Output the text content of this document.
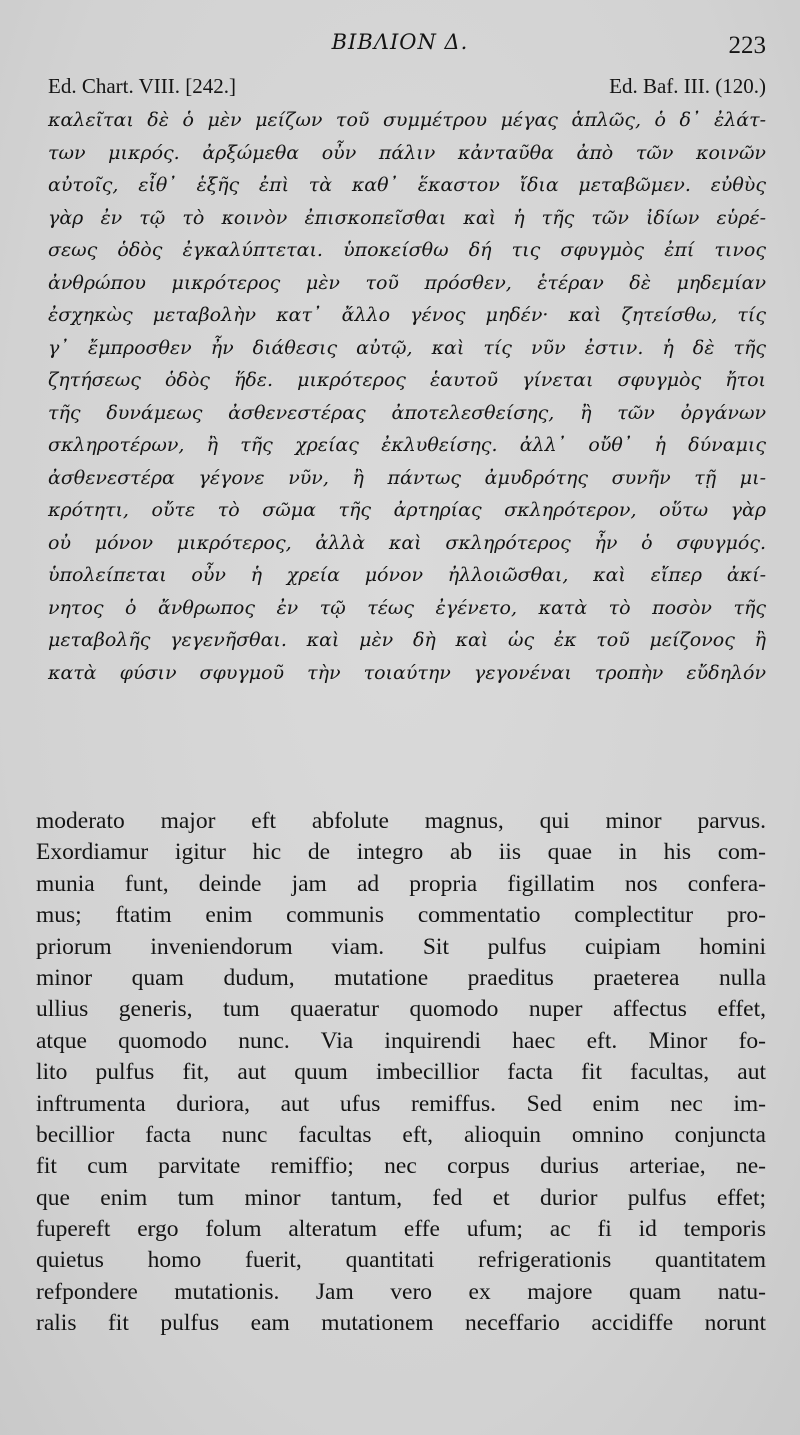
ΒΙΒΛΙΟΝ Δ.	223
Ed. Chart. VIII. [242.]	Ed. Baf. III. (120.)
καλεῖται δὲ ὁ μὲν μείζων τοῦ συμμέτρου μέγας ἁπλῶς, ὁ δ᾽ ἐλάτ-
των μικρός. ἀρξώμεθα οὖν πάλιν κἀνταῦθα ἀπὸ τῶν κοινῶν
αὐτοῖς, εἶθ᾽ ἑξῆς ἐπὶ τὰ καθ᾽ ἕκαστον ἴδια μεταβῶμεν. εὐθὺς
γὰρ ἐν τῷ τὸ κοινὸν ἐπισκοπεῖσθαι καὶ ἡ τῆς τῶν ἰδίων εὑρέ-
σεως ὁδὸς ἐγκαλύπτεται. ὑποκείσθω δή τις σφυγμὸς ἐπί τινος
ἀνθρώπου μικρότερος μὲν τοῦ πρόσθεν, ἑτέραν δὲ μηδεμίαν
ἐσχηκὼς μεταβολὴν κατ᾽ ἄλλο γένος μηδέν· καὶ ζητείσθω, τίς
γ᾽ ἔμπροσθεν ἦν διάθεσις αὐτῷ, καὶ τίς νῦν ἐστιν. ἡ δὲ τῆς
ζητήσεως ὁδὸς ἥδε. μικρότερος ἑαυτοῦ γίνεται σφυγμὸς ἤτοι
τῆς δυνάμεως ἀσθενεστέρας ἀποτελεσθείσης, ἢ τῶν ὀργάνων
σκληροτέρων, ἢ τῆς χρείας ἐκλυθείσης. ἀλλ᾽ οὔθ᾽ ἡ δύναμις
ἀσθενεστέρα γέγονε νῦν, ἢ πάντως ἀμυδρότης συνῆν τῇ μι-
κρότητι, οὔτε τὸ σῶμα τῆς ἀρτηρίας σκληρότερον, οὕτω γὰρ
οὐ μόνον μικρότερος, ἀλλὰ καὶ σκληρότερος ἦν ὁ σφυγμός.
ὑπολείπεται οὖν ἡ χρεία μόνον ἠλλοιῶσθαι, καὶ εἴπερ ἀκί-
νητος ὁ ἄνθρωπος ἐν τῷ τέως ἐγένετο, κατὰ τὸ ποσὸν τῆς
μεταβολῆς γεγενῆσθαι. καὶ μὲν δὴ καὶ ὡς ἐκ τοῦ μείζονος ἢ
κατὰ φύσιν σφυγμοῦ τὴν τοιαύτην γεγονέναι τροπὴν εὔδηλόν
moderato major eft abfolute magnus, qui minor parvus.
Exordiamur igitur hic de integro ab iis quae in his com-
munia funt, deinde jam ad propria figillatim nos confera-
mus; ftatim enim communis commentatio complectitur pro-
priorum inveniendorum viam. Sit pulfus cuipiam homini
minor quam dudum, mutatione praeditus praeterea nulla
ullius generis, tum quaeratur quomodo nuper affectus effet,
atque quomodo nunc. Via inquirendi haec eft. Minor fo-
lito pulfus fit, aut quum imbecillior facta fit facultas, aut
inftrumenta duriora, aut ufus remiffus. Sed enim nec im-
becillior facta nunc facultas eft, alioquin omnino conjuncta
fit cum parvitate remiffio; nec corpus durius arteriae, ne-
que enim tum minor tantum, fed et durior pulfus effet;
fupereft ergo folum alteratum effe ufum; ac fi id temporis
quietus homo fuerit, quantitati refrigerationis quantitatem
refpondere mutationis. Jam vero ex majore quam natu-
ralis fit pulfus eam mutationem neceffario accidiffe norunt
